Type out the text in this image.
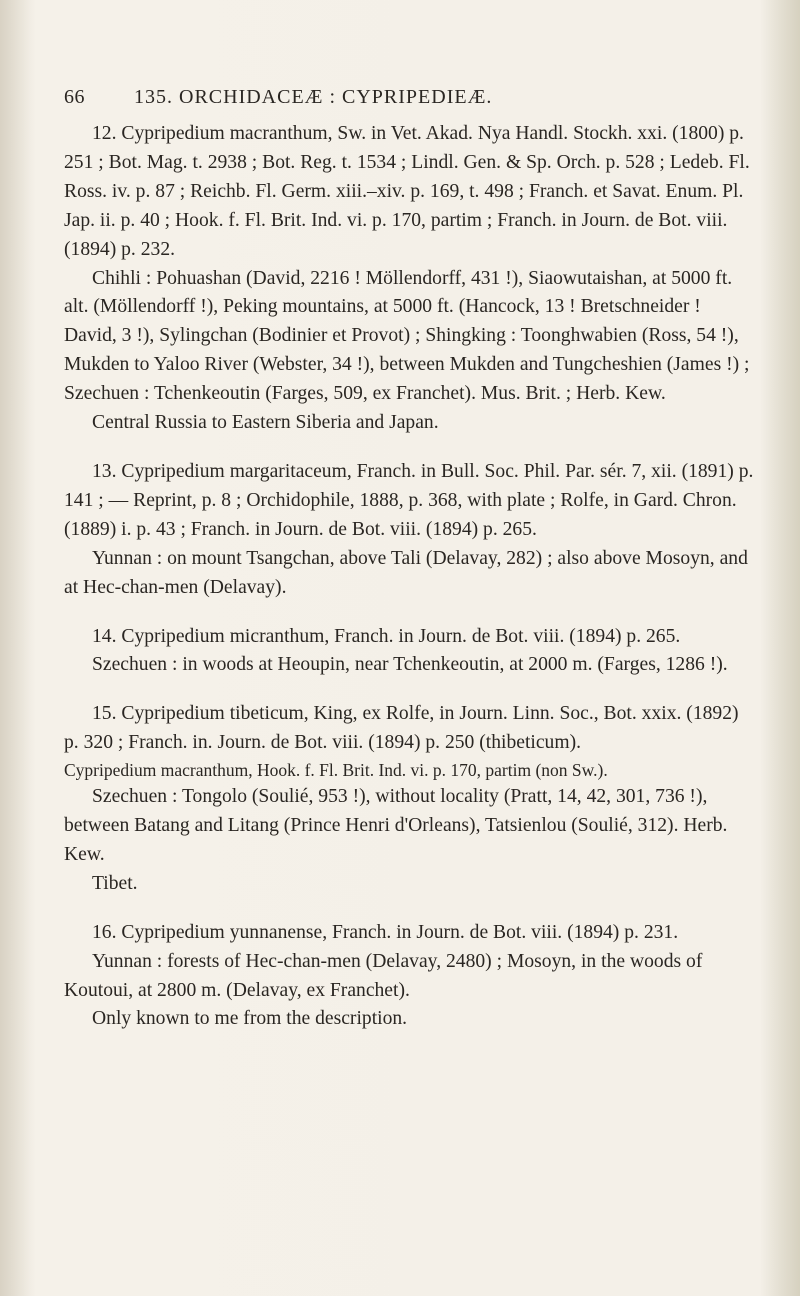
66 135. ORCHIDACEÆ : CYPRIPEDIEÆ.

12. Cypripedium macranthum, Sw. in Vet. Akad. Nya Handl. Stockh. xxi. (1800) p. 251 ; Bot. Mag. t. 2938 ; Bot. Reg. t. 1534 ; Lindl. Gen. & Sp. Orch. p. 528 ; Ledeb. Fl. Ross. iv. p. 87 ; Reichb. Fl. Germ. xiii.–xiv. p. 169, t. 498 ; Franch. et Savat. Enum. Pl. Jap. ii. p. 40 ; Hook. f. Fl. Brit. Ind. vi. p. 170, partim ; Franch. in Journ. de Bot. viii. (1894) p. 232.

Chihli : Pohuashan (David, 2216 ! Möllendorff, 431 !), Siaowutaishan, at 5000 ft. alt. (Möllendorff !), Peking mountains, at 5000 ft. (Hancock, 13 ! Bretschneider ! David, 3 !), Sylingchan (Bodinier et Provot) ; Shingking : Toonghwabien (Ross, 54 !), Mukden to Yaloo River (Webster, 34 !), between Mukden and Tungcheshien (James !) ; Szechuen : Tchenkeoutin (Farges, 509, ex Franchet). Mus. Brit. ; Herb. Kew.

Central Russia to Eastern Siberia and Japan.

13. Cypripedium margaritaceum, Franch. in Bull. Soc. Phil. Par. sér. 7, xii. (1891) p. 141 ; — Reprint, p. 8 ; Orchidophile, 1888, p. 368, with plate ; Rolfe, in Gard. Chron. (1889) i. p. 43 ; Franch. in Journ. de Bot. viii. (1894) p. 265.

Yunnan : on mount Tsangchan, above Tali (Delavay, 282) ; also above Mosoyn, and at Hec-chan-men (Delavay).

14. Cypripedium micranthum, Franch. in Journ. de Bot. viii. (1894) p. 265.

Szechuen : in woods at Heoupin, near Tchenkeoutin, at 2000 m. (Farges, 1286 !).

15. Cypripedium tibeticum, King, ex Rolfe, in Journ. Linn. Soc., Bot. xxix. (1892) p. 320 ; Franch. in. Journ. de Bot. viii. (1894) p. 250 (thibeticum).

Cypripedium macranthum, Hook. f. Fl. Brit. Ind. vi. p. 170, partim (non Sw.).

Szechuen : Tongolo (Soulié, 953 !), without locality (Pratt, 14, 42, 301, 736 !), between Batang and Litang (Prince Henri d'Orleans), Tatsienlou (Soulié, 312). Herb. Kew.

Tibet.

16. Cypripedium yunnanense, Franch. in Journ. de Bot. viii. (1894) p. 231.

Yunnan : forests of Hec-chan-men (Delavay, 2480) ; Mosoyn, in the woods of Koutoui, at 2800 m. (Delavay, ex Franchet).

Only known to me from the description.
